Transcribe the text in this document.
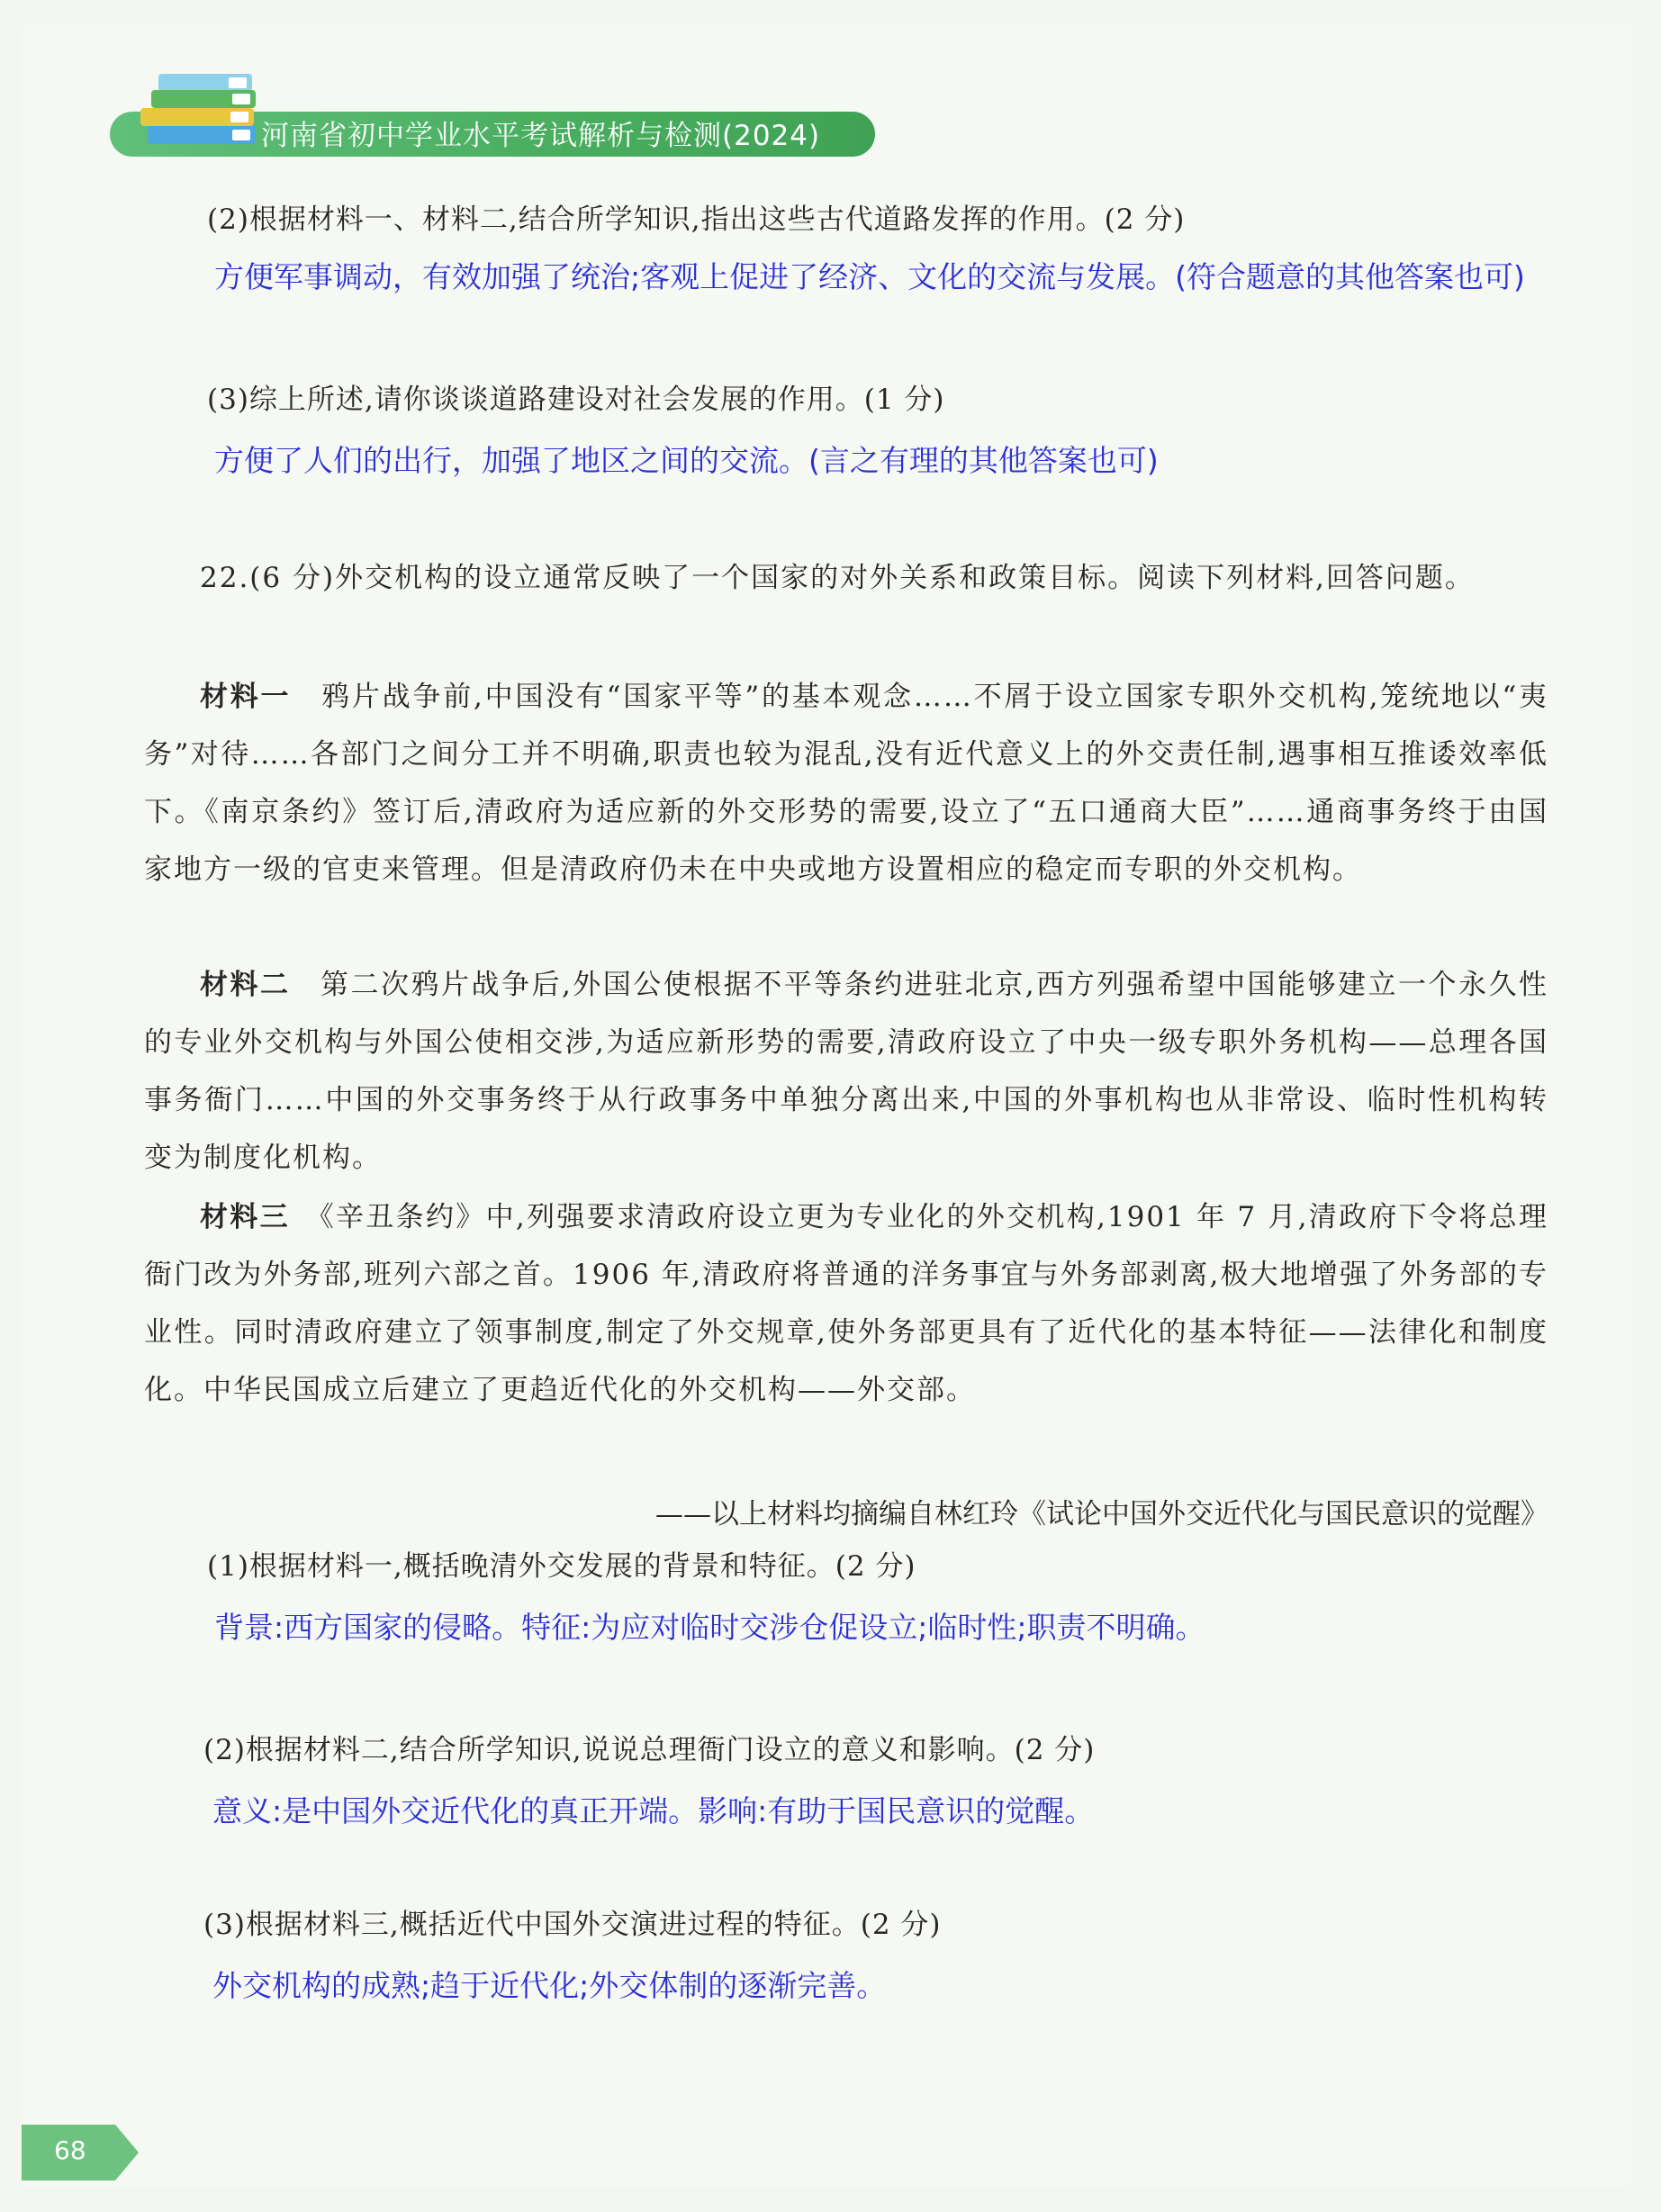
河南省初中学业水平考试解析与检测(2024)
(2)根据材料一、材料二,结合所学知识,指出这些古代道路发挥的作用。(2 分)
方便军事调动，有效加强了统治;客观上促进了经济、文化的交流与发展。(符合题意的其他答案也可)
(3)综上所述,请你谈谈道路建设对社会发展的作用。(1 分)
方便了人们的出行，加强了地区之间的交流。(言之有理的其他答案也可)
22.(6 分)外交机构的设立通常反映了一个国家的对外关系和政策目标。阅读下列材料,回答问题。
材料一　 鸦片战争前,中国没有“国家平等”的基本观念……不屑于设立国家专职外交机构,笼统地以“夷务”对待……各部门之间分工并不明确,职责也较为混乱,没有近代意义上的外交责任制,遇事相互推诿效率低下。《南京条约》签订后,清政府为适应新的外交形势的需要,设立了“五口通商大臣”……通商事务终于由国家地方一级的官吏来管理。但是清政府仍未在中央或地方设置相应的稳定而专职的外交机构。
材料二　 第二次鸦片战争后,外国公使根据不平等条约进驻北京,西方列强希望中国能够建立一个永久性的专业外交机构与外国公使相交涉,为适应新形势的需要,清政府设立了中央一级专职外务机构——总理各国事务衙门……中国的外交事务终于从行政事务中单独分离出来,中国的外事机构也从非常设、临时性机构转变为制度化机构。
材料三　 《辛丑条约》中,列强要求清政府设立更为专业化的外交机构,1901 年 7 月,清政府下令将总理衙门改为外务部,班列六部之首。1906 年,清政府将普通的洋务事宜与外务部剥离,极大地增强了外务部的专业性。同时清政府建立了领事制度,制定了外交规章,使外务部更具有了近代化的基本特征——法律化和制度化。中华民国成立后建立了更趋近代化的外交机构——外交部。
——以上材料均摘编自林红玲《试论中国外交近代化与国民意识的觉醒》
(1)根据材料一,概括晚清外交发展的背景和特征。(2 分)
背景:西方国家的侵略。特征:为应对临时交涉仓促设立;临时性;职责不明确。
(2)根据材料二,结合所学知识,说说总理衙门设立的意义和影响。(2 分)
意义:是中国外交近代化的真正开端。影响:有助于国民意识的觉醒。
(3)根据材料三,概括近代中国外交演进过程的特征。(2 分)
外交机构的成熟;趋于近代化;外交体制的逐渐完善。
68
